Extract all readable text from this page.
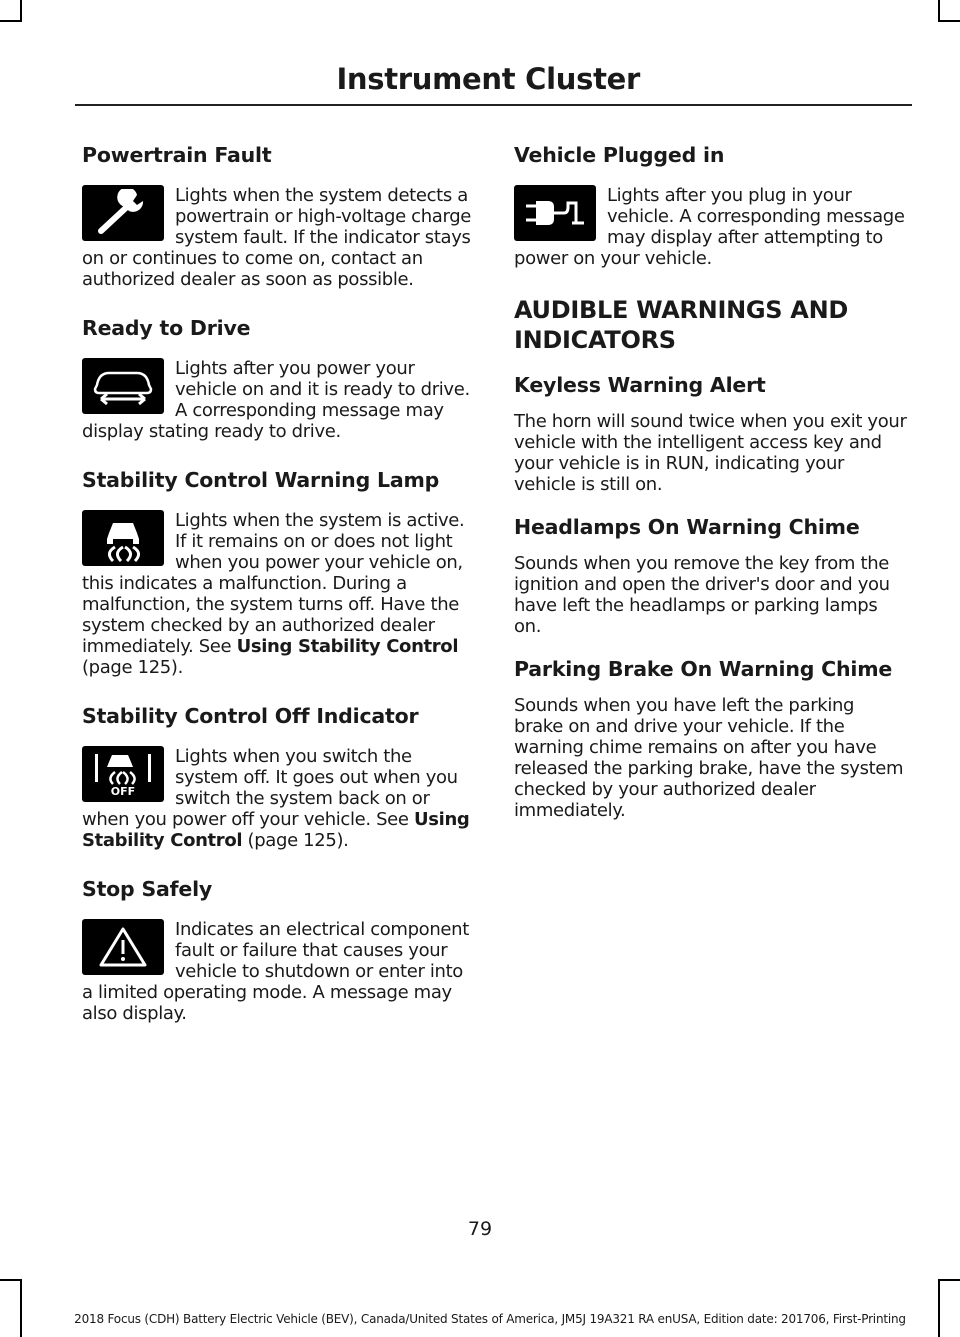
Instrument Cluster
Powertrain Fault

Lights when the system detects a powertrain or high-voltage charge system fault. If the indicator stays on or continues to come on, contact an authorized dealer as soon as possible.

Ready to Drive

Lights after you power your vehicle on and it is ready to drive. A corresponding message may display stating ready to drive.

Stability Control Warning Lamp

Lights when the system is active. If it remains on or does not light when you power your vehicle on, this indicates a malfunction. During a malfunction, the system turns off. Have the system checked by an authorized dealer immediately. See Using Stability Control (page 125).

Stability Control Off Indicator
OFF

Lights when you switch the system off. It goes out when you switch the system back on or when you power off your vehicle. See Using Stability Control (page 125).

Stop Safely

Indicates an electrical component fault or failure that causes your vehicle to shutdown or enter into a limited operating mode. A message may also display.

Vehicle Plugged in

Lights after you plug in your vehicle. A corresponding message may display after attempting to power on your vehicle.

AUDIBLE WARNINGS AND INDICATORS
Keyless Warning Alert

The horn will sound twice when you exit your vehicle with the intelligent access key and your vehicle is in RUN, indicating your vehicle is still on.

Headlamps On Warning Chime

Sounds when you remove the key from the ignition and open the driver's door and you have left the headlamps or parking lamps on.

Parking Brake On Warning Chime

Sounds when you have left the parking brake on and drive your vehicle. If the warning chime remains on after you have released the parking brake, have the system checked by your authorized dealer immediately.

79
2018 Focus (CDH) Battery Electric Vehicle (BEV), Canada/United States of America, JM5J 19A321 RA enUSA, Edition date: 201706, First-Printing
